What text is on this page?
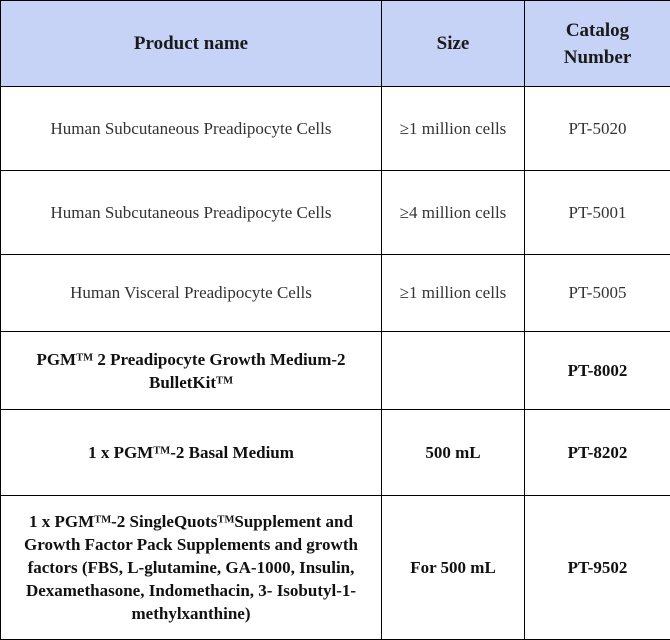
Product name	Size	Catalog
Number
Human Subcutaneous Preadipocyte Cells	≥1 million cells	PT-5020
Human Subcutaneous Preadipocyte Cells	≥4 million cells	PT-5001
Human Visceral Preadipocyte Cells	≥1 million cells	PT-5005
PGM™ 2 Preadipocyte Growth Medium-2 BulletKit™		PT-8002
1 x PGM™-2 Basal Medium	500 mL	PT-8202
1 x PGM™-2 SingleQuots™Supplement and Growth Factor Pack Supplements and growth factors (FBS, L-glutamine, GA-1000, Insulin, Dexamethasone, Indomethacin, 3- Isobutyl-1-methylxanthine)	For 500 mL	PT-9502
